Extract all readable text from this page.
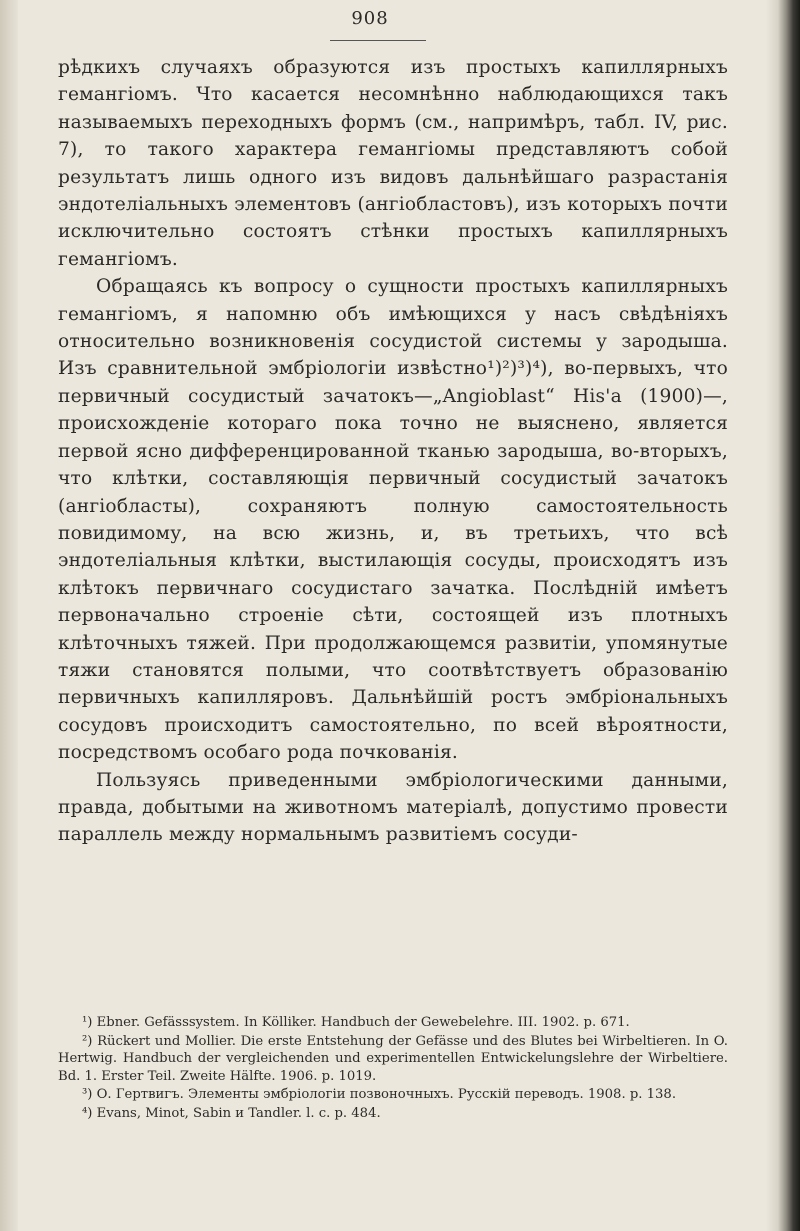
908

рѣдкихъ случаяхъ образуются изъ простыхъ капиллярныхъ гемангіомъ. Что касается несомнѣнно наблюдающихся такъ называемыхъ переходныхъ формъ (см., напримѣръ, табл. IV, рис. 7), то такого характера гемангіомы представляютъ собой результатъ лишь одного изъ видовъ дальнѣйшаго разрастанія эндотеліальныхъ элементовъ (ангіобластовъ), изъ которыхъ почти исключительно состоятъ стѣнки простыхъ капиллярныхъ гемангіомъ.

Обращаясь къ вопросу о сущности простыхъ капиллярныхъ гемангіомъ, я напомню объ имѣющихся у насъ свѣдѣніяхъ относительно возникновенія сосудистой системы у зародыша. Изъ сравнительной эмбріологіи извѣстно¹)²)³)⁴), во-первыхъ, что первичный сосудистый зачатокъ—„Angioblast“ His'а (1900)—, происхожденіе котораго пока точно не выяснено, является первой ясно дифференцированной тканью зародыша, во-вторыхъ, что клѣтки, составляющія первичный сосудистый зачатокъ (ангіобласты), сохраняютъ полную самостоятельность повидимому, на всю жизнь, и, въ третьихъ, что всѣ эндотеліальныя клѣтки, выстилающія сосуды, происходятъ изъ клѣтокъ первичнаго сосудистаго зачатка. Послѣдній имѣетъ первоначально строеніе сѣти, состоящей изъ плотныхъ клѣточныхъ тяжей. При продолжающемся развитіи, упомянутые тяжи становятся полыми, что соотвѣтствуетъ образованію первичныхъ капилляровъ. Дальнѣйшій ростъ эмбріональныхъ сосудовъ происходитъ самостоятельно, по всей вѣроятности, посредствомъ особаго рода почкованія.

Пользуясь приведенными эмбріологическими данными, правда, добытыми на животномъ матеріалѣ, допустимо провести параллель между нормальнымъ развитіемъ сосуди-

¹) Ebner. Gefässsystem. In Kölliker. Handbuch der Gewebelehre. III. 1902. p. 671.

²) Rückert und Mollier. Die erste Entstehung der Gefässe und des Blutes bei Wirbeltieren. In O. Hertwig. Handbuch der vergleichenden und experimentellen Entwickelungslehre der Wirbeltiere. Bd. 1. Erster Teil. Zweite Hälfte. 1906. p. 1019.

³) О. Гертвигъ. Элементы эмбріологіи позвоночныхъ. Русскій переводъ. 1908. p. 138.

⁴) Evans, Minot, Sabin и Tandler. l. c. p. 484.
